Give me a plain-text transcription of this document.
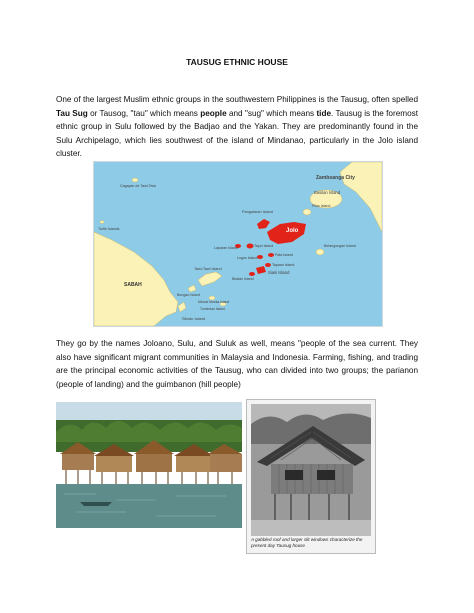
TAUSUG ETHNIC HOUSE

One of the largest Muslim ethnic groups in the southwestern Philippines is the Tausug, often spelled Tau Sug or Tausog, "tau" which means people and "sug" which means tide. Tausug is the foremost ethnic group in Sulu followed by the Badjao and the Yakan. They are predominantly found in the Sulu Archipelago, which lies southwest of the island of Mindanao, particularly in the Jolo island cluster.

Zamboanga City
Cagayan de Tawi-Tawi
Basilan Island
Pilas Island
Turtle Islands
Pangutaran Island
Jolo
Laparan Island	Tapul Island
Lugus Island
Pata Island
Tapaan Island
Siasi Island
Bilatan Island
Tawi-Tawi Island
Bongao Island
Belangongan Island
SABAH
Sibutu Island
Manuk Manka Island
Tumindao Island

They go by the names Joloano, Sulu, and Suluk as well, means "people of the sea current. They also have significant migrant communities in Malaysia and Indonesia. Farming, fishing, and trading are the principal economic activities of the Tausug, who can divided into two groups; the parianon (people of landing) and the guimbanon (hill people)

A gabbled roof and larger slit windows characterize the present day Tausug house
